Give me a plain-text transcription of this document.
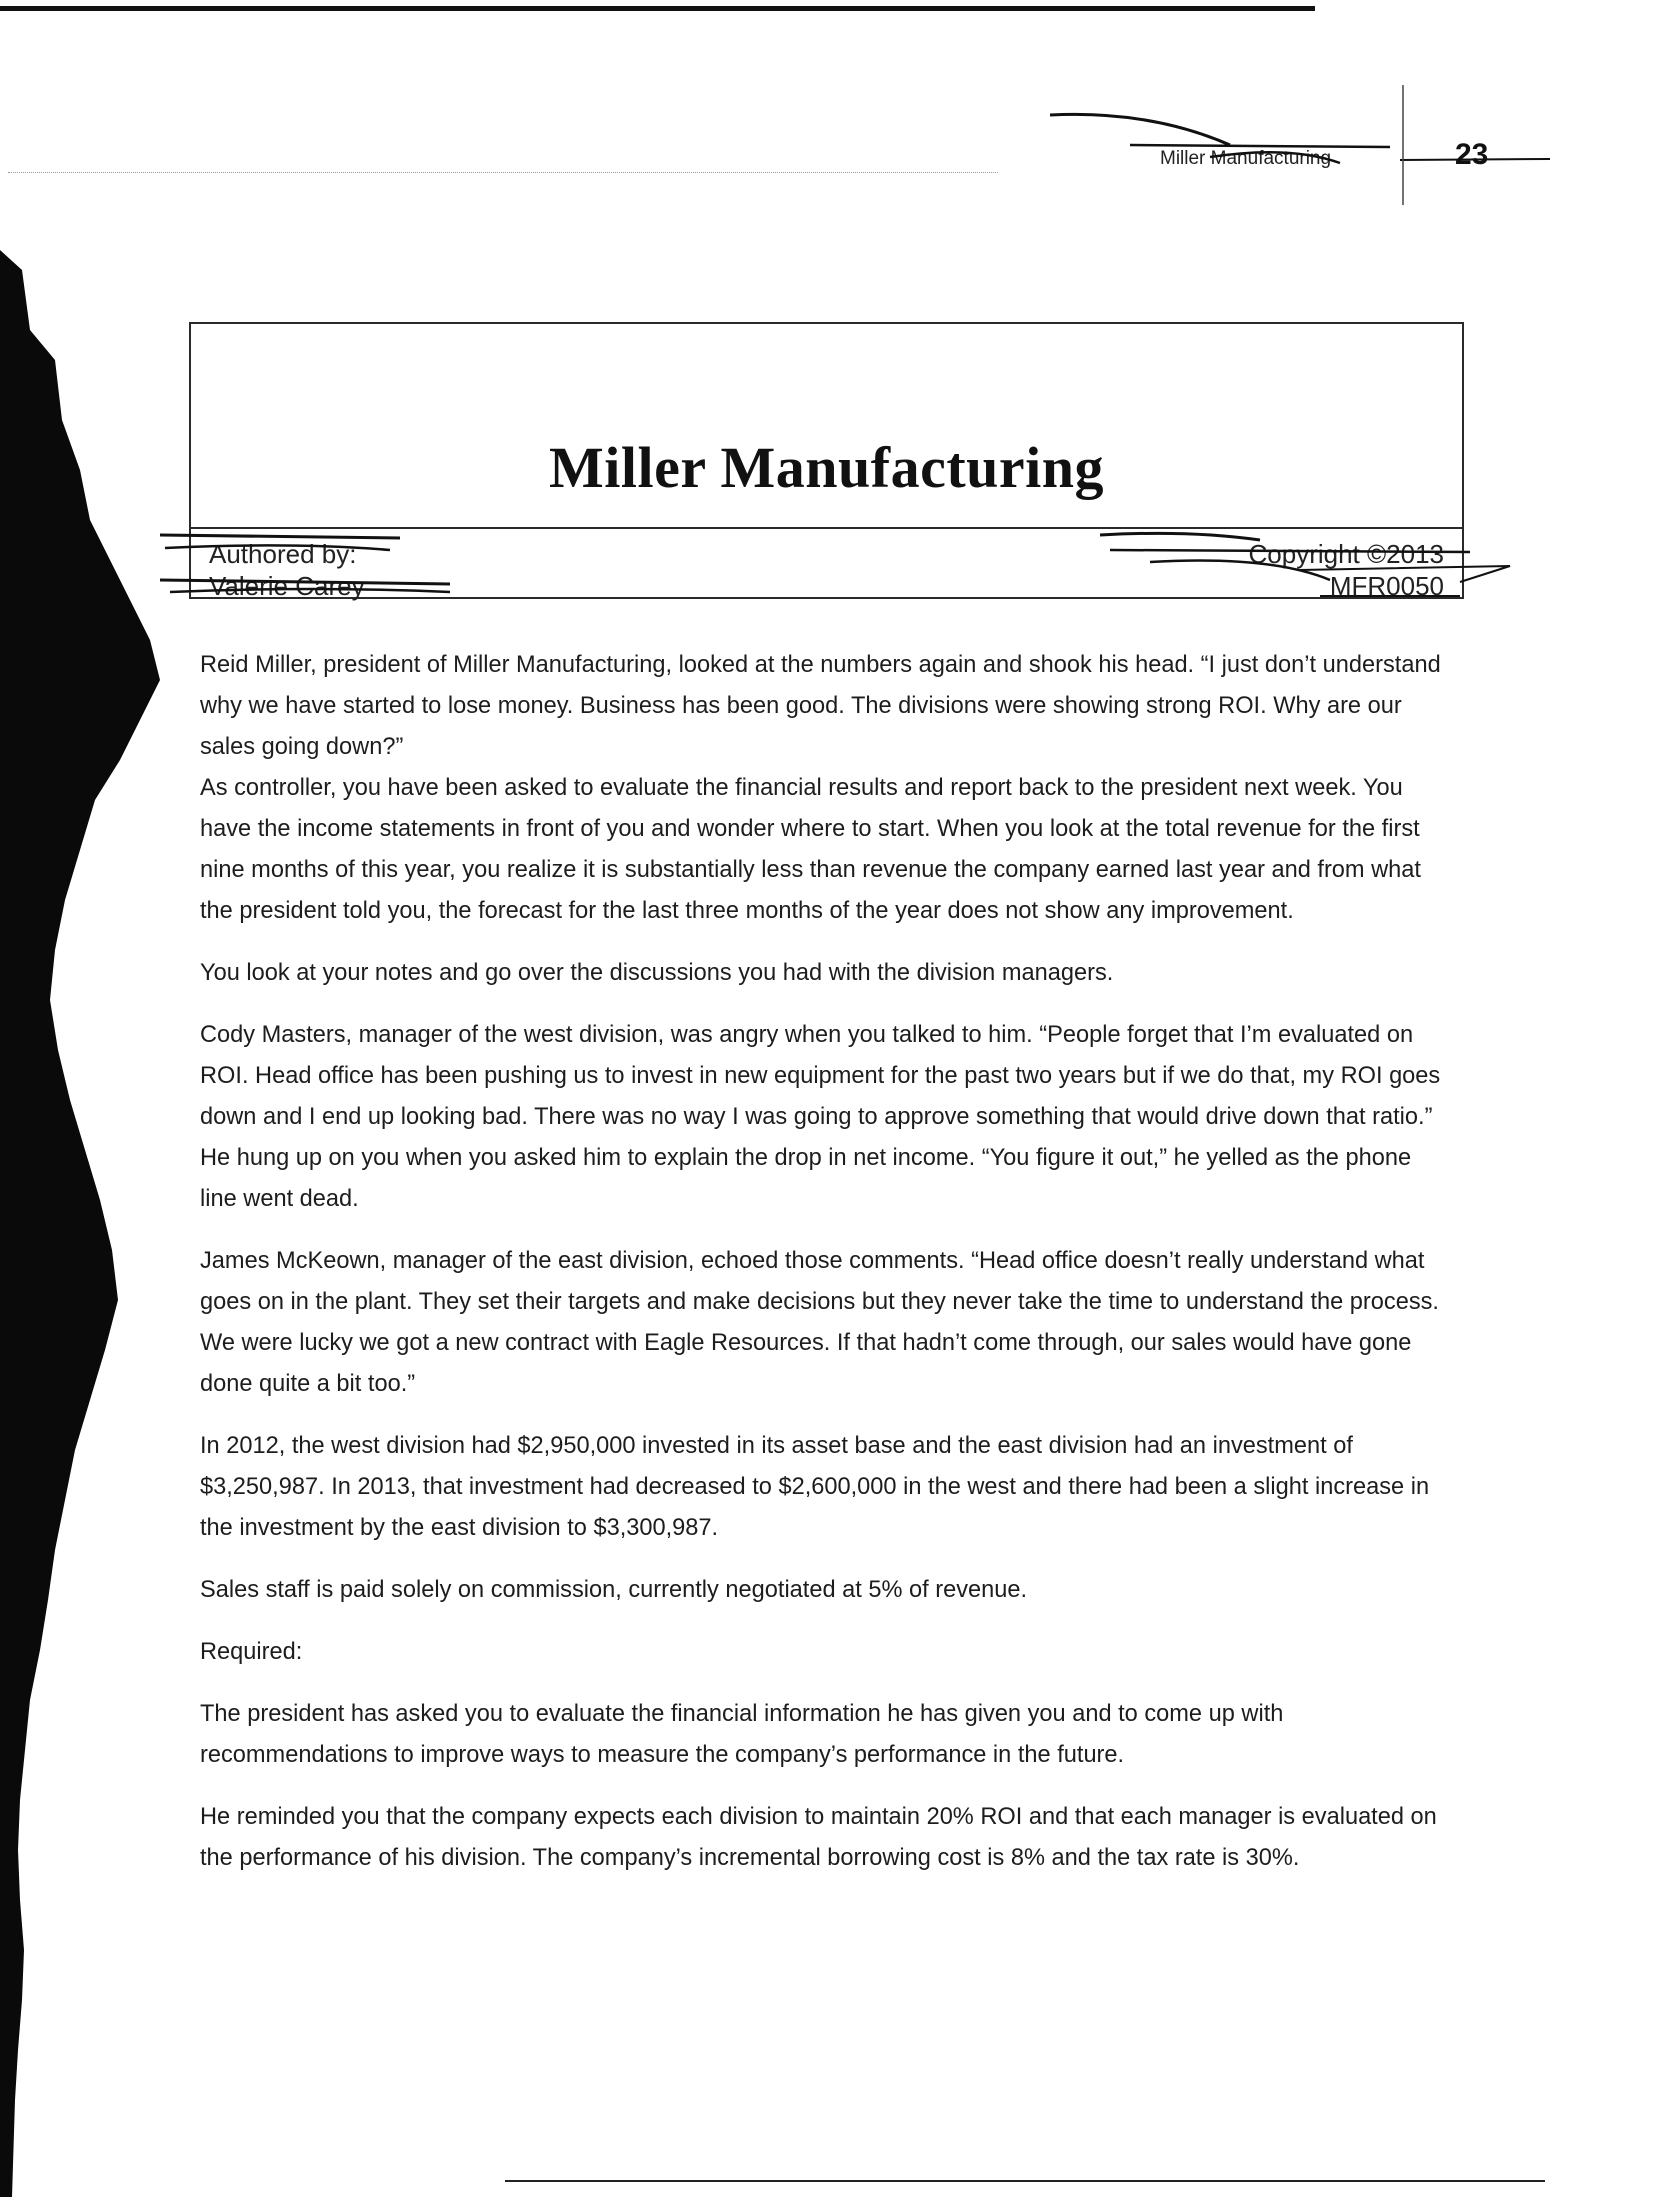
Miller Manufacturing	23
Miller Manufacturing
Authored by:
Valerie Carey
Copyright ©2013
MFR0050

Reid Miller, president of Miller Manufacturing, looked at the numbers again and shook his head. “I just don’t understand why we have started to lose money. Business has been good. The divisions were showing strong ROI. Why are our sales going down?”

As controller, you have been asked to evaluate the financial results and report back to the president next week. You have the income statements in front of you and wonder where to start. When you look at the total revenue for the first nine months of this year, you realize it is substantially less than revenue the company earned last year and from what the president told you, the forecast for the last three months of the year does not show any improvement.

You look at your notes and go over the discussions you had with the division managers.

Cody Masters, manager of the west division, was angry when you talked to him. “People forget that I’m evaluated on ROI. Head office has been pushing us to invest in new equipment for the past two years but if we do that, my ROI goes down and I end up looking bad. There was no way I was going to approve something that would drive down that ratio.” He hung up on you when you asked him to explain the drop in net income. “You figure it out,” he yelled as the phone line went dead.

James McKeown, manager of the east division, echoed those comments. “Head office doesn’t really understand what goes on in the plant. They set their targets and make decisions but they never take the time to understand the process. We were lucky we got a new contract with Eagle Resources. If that hadn’t come through, our sales would have gone done quite a bit too.”

In 2012, the west division had $2,950,000 invested in its asset base and the east division had an investment of $3,250,987. In 2013, that investment had decreased to $2,600,000 in the west and there had been a slight increase in the investment by the east division to $3,300,987.

Sales staff is paid solely on commission, currently negotiated at 5% of revenue.

Required:

The president has asked you to evaluate the financial information he has given you and to come up with recommendations to improve ways to measure the company’s performance in the future.

He reminded you that the company expects each division to maintain 20% ROI and that each manager is evaluated on the performance of his division. The company’s incremental borrowing cost is 8% and the tax rate is 30%.
